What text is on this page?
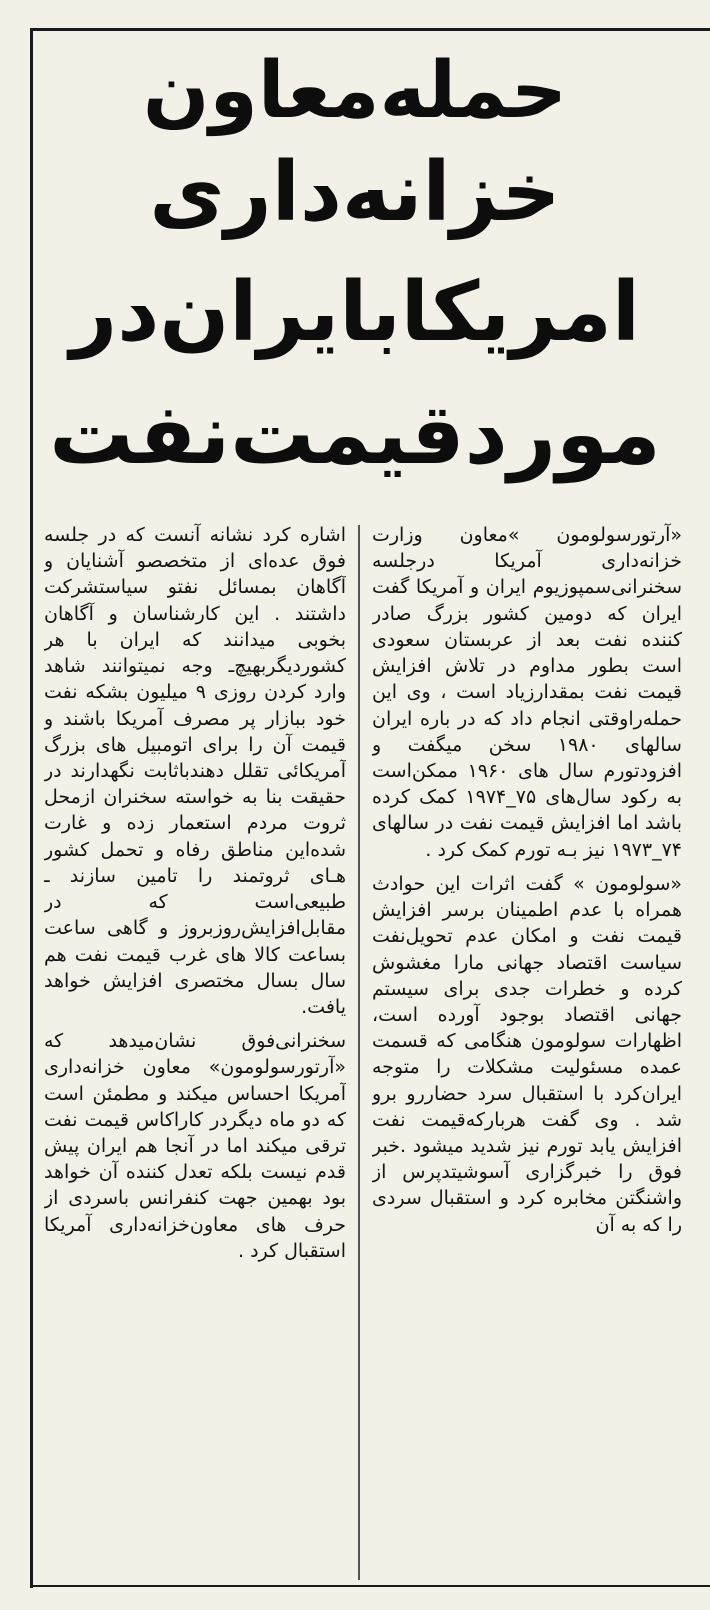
حمله‌معاون
خزانه‌داری
امریکابایران‌در
موردقیمت‌نفت

«آرتورسولومون »معاون وزارت خزانه‌داری آمریکا درجلسه سخنرانی‌سمپوزیوم ایران و آمریکا گفت ایران که دومین کشور بزرگ صادر کننده نفت بعد از عربستان سعودی است بطور مداوم در تلاش افزایش قیمت نفت بمقدارزیاد است ، وی این حمله‌راوقتی انجام داد که در باره ایران سالهای ۱۹۸۰ سخن میگفت و افزودتورم سال های ۱۹۶۰ ممکن‌است به رکود سال‌های ۷۵_۱۹۷۴ کمک کرده باشد اما افزایش قیمت نفت در سالهای ۷۴_۱۹۷۳ نیز بـه تورم کمک کرد .

«سولومون » گفت اثرات این حوادث همراه با عدم اطمینان برسر افزایش قیمت نفت و امکان عدم تحویل‌نفت سیاست اقتصاد جهانی مارا مغشوش کرده و خطرات جدی برای سیستم جهانی اقتصاد بوجود آورده است، اظهارات سولومون هنگامی که قسمت عمده مسئولیت مشکلات را متوجه ایران‌کرد با استقبال سرد حضاررو برو شد . وی گفت هربارکه‌قیمت نفت افزایش یابد تورم نیز شدید میشود .خبر فوق را خبرگزاری آسوشیتدپرس از واشنگتن مخابره کرد و استقبال سردی را که به آن

اشاره کرد نشانه آنست که در جلسه فوق عده‌ای از متخصصو آشنایان و آگاهان بمسائل نفتو سیاستشرکت داشتند . این کارشناسان و آگاهان بخوبی میدانند که ایران با هر کشوردیگربهیچ‌ـ وجه نمیتوانند شاهد وارد کردن روزی ۹ میلیون بشکه نفت خود ببازار پر مصرف آمریکا باشند و قیمت آن را برای اتومبیل های بزرگ آمریکائی تقلل دهندباثابت نگهدارند در حقیقت بنا به خواسته سخنران ازمحل ثروت مردم استعمار زده و غارت شده‌این مناطق رفاه و تحمل کشور هـای ثروتمند را تامین سازند ـ طبیعی‌است که در مقابل‌افزایش‌روزبروز و گاهی ساعت بساعت کالا های غرب قیمت نفت هم سال بسال مختصری افزایش خواهد یافت.

سخنرانی‌فوق نشان‌میدهد که «آرتورسولومون» معاون خزانه‌داری آمریکا احساس میکند و مطمئن است که دو ماه دیگردر کاراکاس قیمت نفت ترقی میکند اما در آنجا هم ایران پیش قدم نیست بلکه تعدل کننده آن خواهد بود بهمین جهت کنفرانس باسردی از حرف های معاون‌خزانه‌داری آمریکا استقبال کرد .
